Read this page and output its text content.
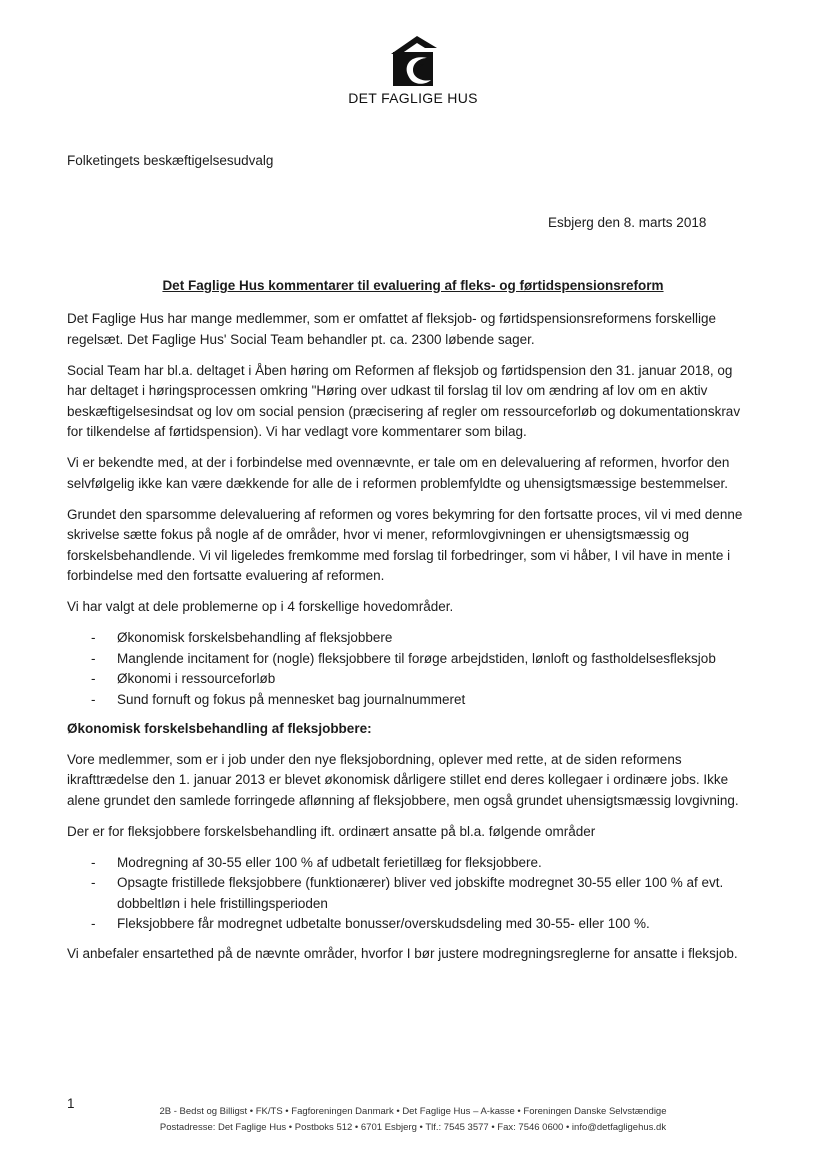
DET FAGLIGE HUS
Folketingets beskæftigelsesudvalg
Esbjerg den 8. marts 2018
Det Faglige Hus kommentarer til evaluering af fleks- og førtidspensionsreform

Det Faglige Hus har mange medlemmer, som er omfattet af fleksjob- og førtidspensionsreformens forskellige regelsæt. Det Faglige Hus' Social Team behandler pt. ca. 2300 løbende sager.

Social Team har bl.a. deltaget i Åben høring om Reformen af fleksjob og førtidspension den 31. januar 2018, og har deltaget i høringsprocessen omkring "Høring over udkast til forslag til lov om ændring af lov om en aktiv beskæftigelsesindsat og lov om social pension (præcisering af regler om ressourceforløb og dokumentationskrav for tilkendelse af førtidspension). Vi har vedlagt vore kommentarer som bilag.

Vi er bekendte med, at der i forbindelse med ovennævnte, er tale om en delevaluering af reformen, hvorfor den selvfølgelig ikke kan være dækkende for alle de i reformen problemfyldte og uhensigtsmæssige bestemmelser.

Grundet den sparsomme delevaluering af reformen og vores bekymring for den fortsatte proces, vil vi med denne skrivelse sætte fokus på nogle af de områder, hvor vi mener, reformlovgivningen er uhensigtsmæssig og forskelsbehandlende. Vi vil ligeledes fremkomme med forslag til forbedringer, som vi håber, I vil have in mente i forbindelse med den fortsatte evaluering af reformen.

Vi har valgt at dele problemerne op i 4 forskellige hovedområder.

- Økonomisk forskelsbehandling af fleksjobbere
- Manglende incitament for (nogle) fleksjobbere til forøge arbejdstiden, lønloft og fastholdelsesfleksjob
- Økonomi i ressourceforløb
- Sund fornuft og fokus på mennesket bag journalnummeret
Økonomisk forskelsbehandling af fleksjobbere:

Vore medlemmer, som er i job under den nye fleksjobordning, oplever med rette, at de siden reformens ikrafttrædelse den 1. januar 2013 er blevet økonomisk dårligere stillet end deres kollegaer i ordinære jobs. Ikke alene grundet den samlede forringede aflønning af fleksjobbere, men også grundet uhensigtsmæssig lovgivning.

Der er for fleksjobbere forskelsbehandling ift. ordinært ansatte på bl.a. følgende områder

- Modregning af 30-55 eller 100 % af udbetalt ferietillæg for fleksjobbere.
- Opsagte fristillede fleksjobbere (funktionærer) bliver ved jobskifte modregnet 30-55 eller 100 % af evt. dobbeltløn i hele fristillingsperioden
- Fleksjobbere får modregnet udbetalte bonusser/overskudsdeling med 30-55- eller 100 %.

Vi anbefaler ensartethed på de nævnte områder, hvorfor I bør justere modregningsreglerne for ansatte i fleksjob.

1
2B - Bedst og Billigst • FK/TS • Fagforeningen Danmark • Det Faglige Hus – A-kasse • Foreningen Danske Selvstændige
Postadresse: Det Faglige Hus • Postboks 512 • 6701 Esbjerg • Tlf.: 7545 3577 • Fax: 7546 0600 • info@detfagligehus.dk
